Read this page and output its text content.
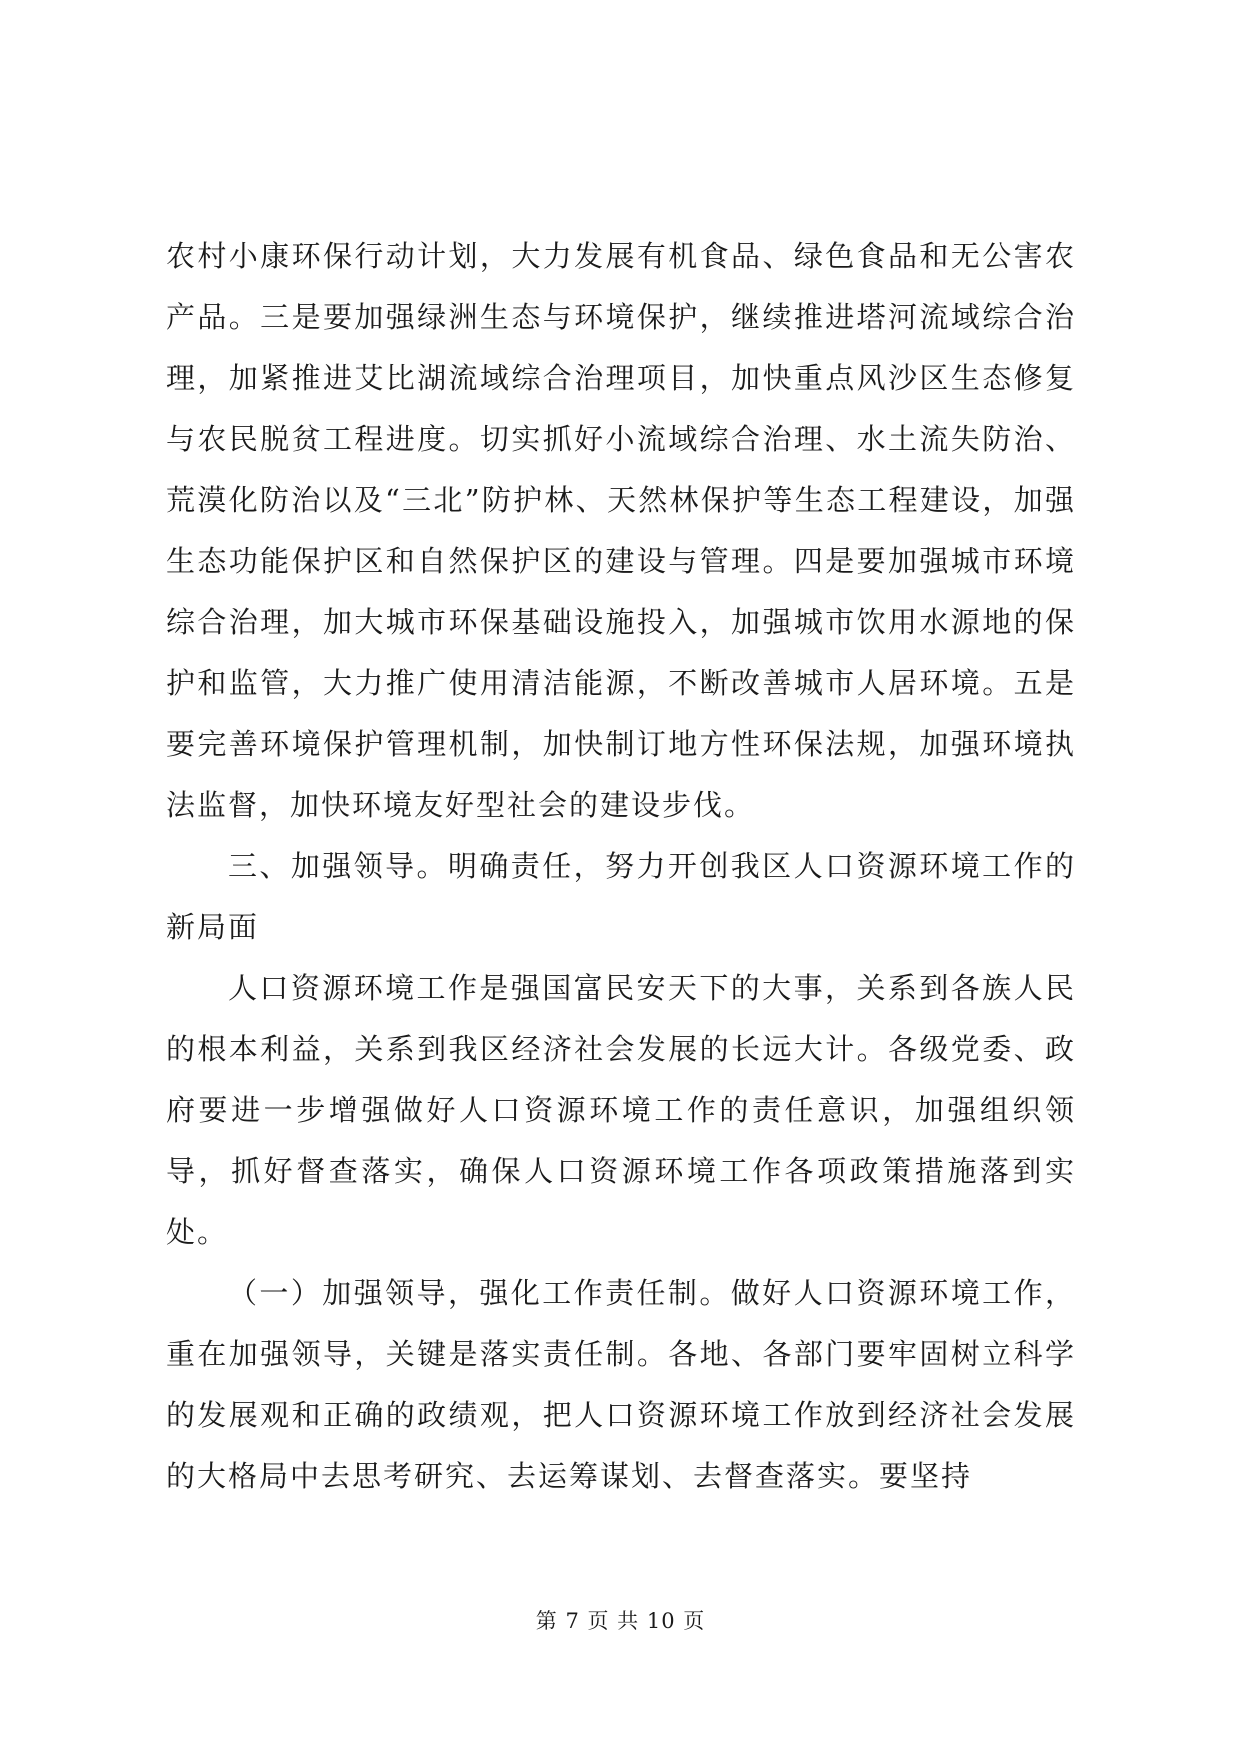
农村小康环保行动计划，大力发展有机食品、绿色食品和无公害农产品。三是要加强绿洲生态与环境保护，继续推进塔河流域综合治理，加紧推进艾比湖流域综合治理项目，加快重点风沙区生态修复与农民脱贫工程进度。切实抓好小流域综合治理、水土流失防治、荒漠化防治以及“三北”防护林、天然林保护等生态工程建设，加强生态功能保护区和自然保护区的建设与管理。四是要加强城市环境综合治理，加大城市环保基础设施投入，加强城市饮用水源地的保护和监管，大力推广使用清洁能源，不断改善城市人居环境。五是要完善环境保护管理机制，加快制订地方性环保法规，加强环境执法监督，加快环境友好型社会的建设步伐。

三、加强领导。明确责任，努力开创我区人口资源环境工作的新局面

人口资源环境工作是强国富民安天下的大事，关系到各族人民的根本利益，关系到我区经济社会发展的长远大计。各级党委、政府要进一步增强做好人口资源环境工作的责任意识，加强组织领导，抓好督查落实，确保人口资源环境工作各项政策措施落到实处。

（一）加强领导，强化工作责任制。做好人口资源环境工作，重在加强领导，关键是落实责任制。各地、各部门要牢固树立科学的发展观和正确的政绩观，把人口资源环境工作放到经济社会发展的大格局中去思考研究、去运筹谋划、去督查落实。要坚持

第 7 页 共 10 页
